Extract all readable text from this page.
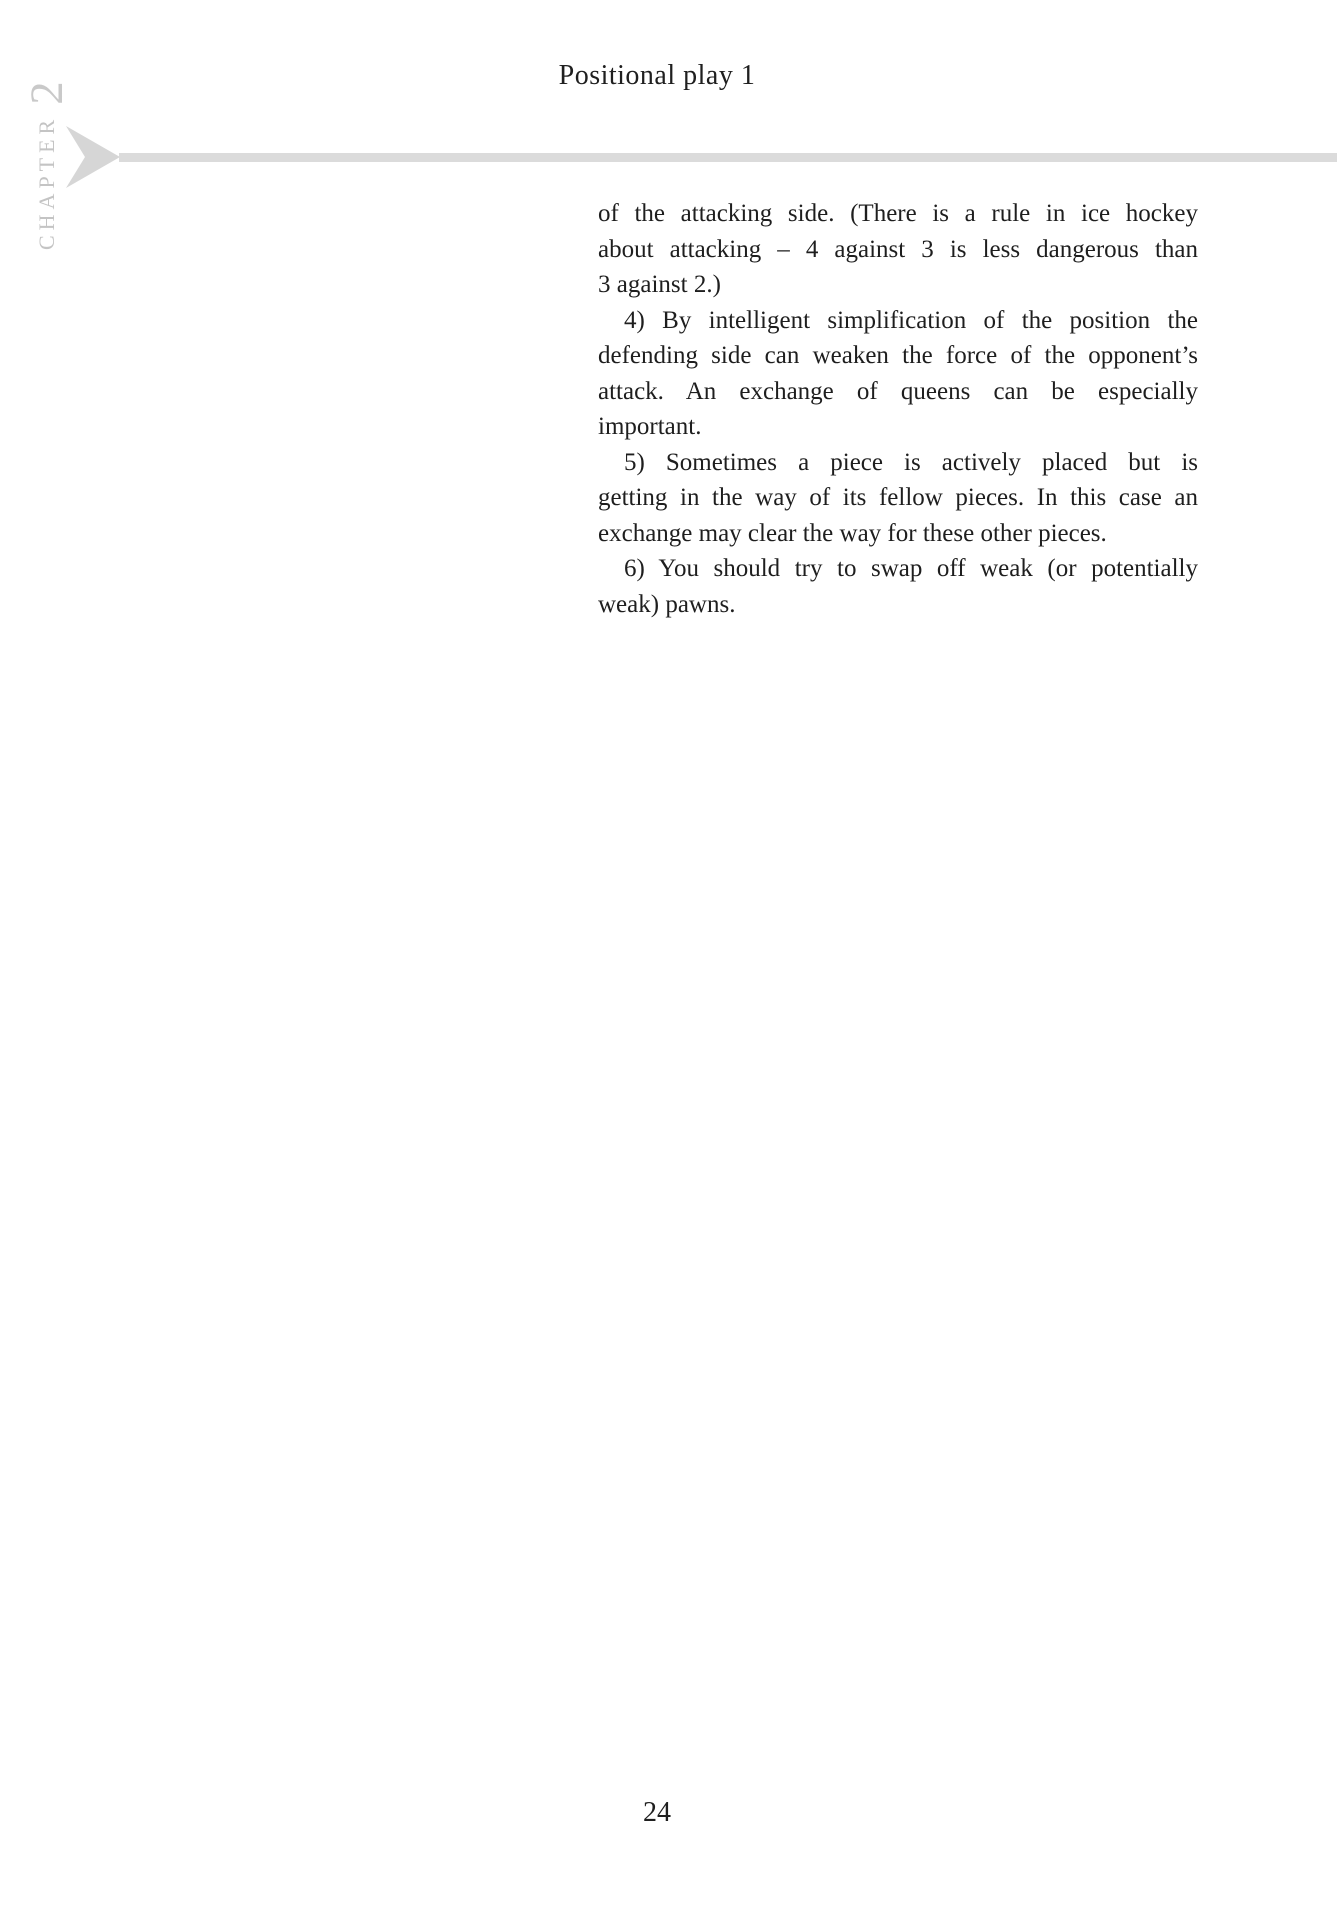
Positional play 1
CHAPTER
2
of the attacking side. (There is a rule in ice hockey
about attacking – 4 against 3 is less dangerous than
3 against 2.)
4) By intelligent simplification of the position the
defending side can weaken the force of the opponent’s
attack. An exchange of queens can be especially
important.
5) Sometimes a piece is actively placed but is
getting in the way of its fellow pieces. In this case an
exchange may clear the way for these other pieces.
6) You should try to swap off weak (or potentially
weak) pawns.
24
